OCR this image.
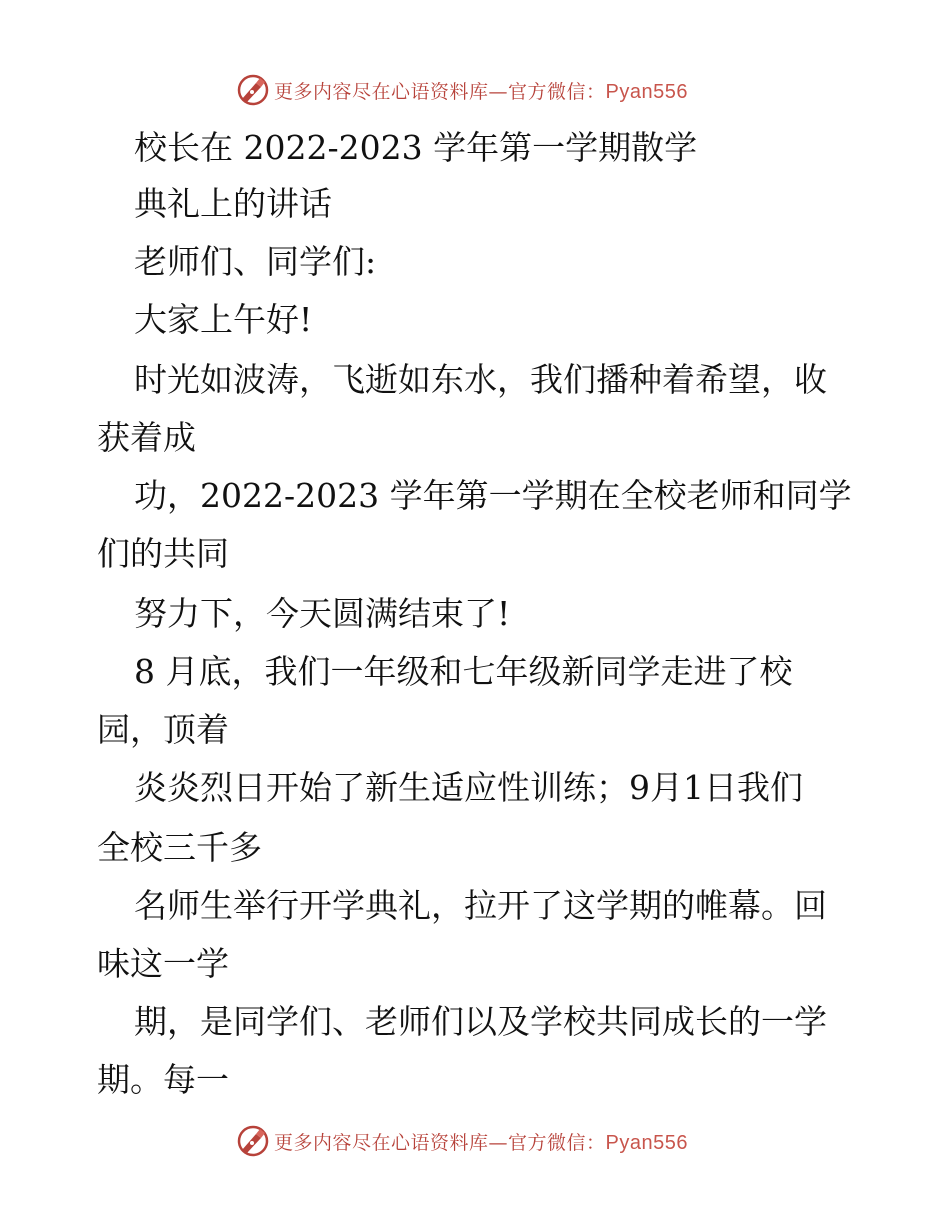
更多内容尽在心语资料库—官方微信：Pyan556
校长在 2022-2023 学年第一学期散学
典礼上的讲话
老师们、同学们:
大家上午好!
时光如波涛，飞逝如东水，我们播种着希望，收
获着成
功，2022-2023 学年第一学期在全校老师和同学
们的共同
努力下，今天圆满结束了!
8 月底，我们一年级和七年级新同学走进了校
园，顶着
炎炎烈日开始了新生适应性训练；9月1日我们
全校三千多
名师生举行开学典礼，拉开了这学期的帷幕。回
味这一学
期，是同学们、老师们以及学校共同成长的一学
期。每一
更多内容尽在心语资料库—官方微信：Pyan556
